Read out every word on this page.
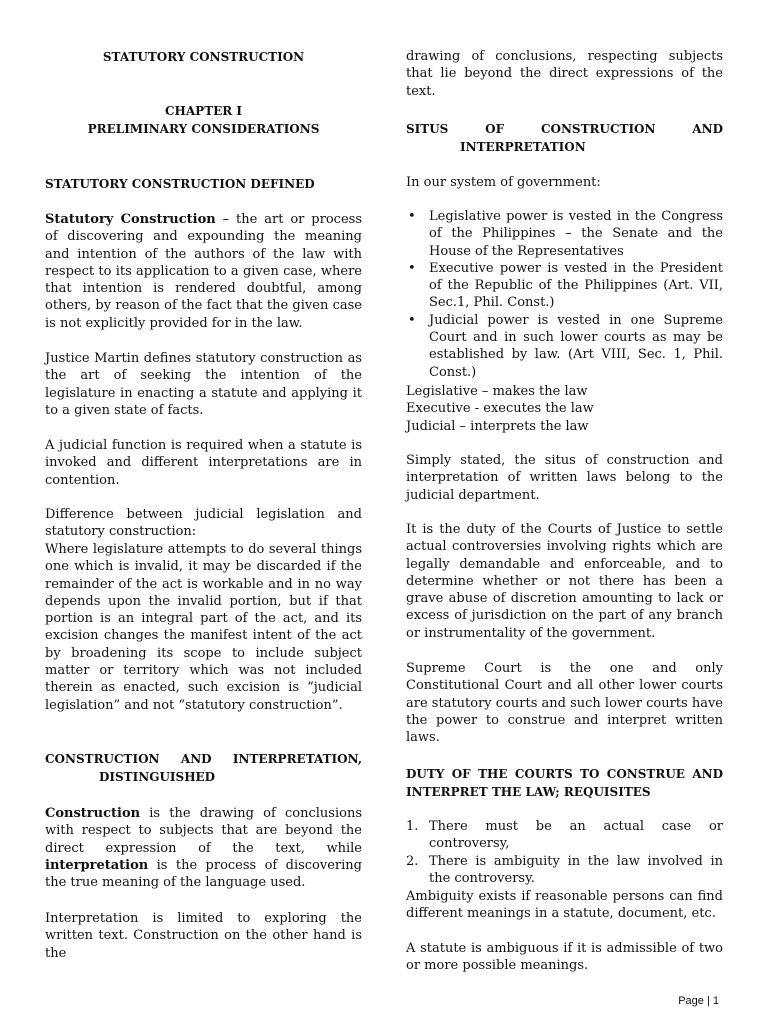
STATUTORY CONSTRUCTION
CHAPTER I
PRELIMINARY CONSIDERATIONS
STATUTORY CONSTRUCTION DEFINED

Statutory Construction – the art or process of discovering and expounding the meaning and intention of the authors of the law with respect to its application to a given case, where that intention is rendered doubtful, among others, by reason of the fact that the given case is not explicitly provided for in the law.

Justice Martin defines statutory construction as the art of seeking the intention of the legislature in enacting a statute and applying it to a given state of facts.

A judicial function is required when a statute is invoked and different interpretations are in contention.

Difference between judicial legislation and statutory construction:

Where legislature attempts to do several things one which is invalid, it may be discarded if the remainder of the act is workable and in no way depends upon the invalid portion, but if that portion is an integral part of the act, and its excision changes the manifest intent of the act by broadening its scope to include subject matter or territory which was not included therein as enacted, such excision is “judicial legislation” and not “statutory construction”.

CONSTRUCTION AND INTERPRETATION,
DISTINGUISHED

Construction is the drawing of conclusions with respect to subjects that are beyond the direct expression of the text, while interpretation is the process of discovering the true meaning of the language used.

Interpretation is limited to exploring the written text. Construction on the other hand is the

drawing of conclusions, respecting subjects that lie beyond the direct expressions of the text.

SITUS OF CONSTRUCTION AND
INTERPRETATION

In our system of government:

• Legislative power is vested in the Congress of the Philippines – the Senate and the House of the Representatives
• Executive power is vested in the President of the Republic of the Philippines (Art. VII, Sec.1, Phil. Const.)
• Judicial power is vested in one Supreme Court and in such lower courts as may be established by law. (Art VIII, Sec. 1, Phil. Const.)
Legislative – makes the law
Executive - executes the law
Judicial – interprets the law

Simply stated, the situs of construction and interpretation of written laws belong to the judicial department.

It is the duty of the Courts of Justice to settle actual controversies involving rights which are legally demandable and enforceable, and to determine whether or not there has been a grave abuse of discretion amounting to lack or excess of jurisdiction on the part of any branch or instrumentality of the government.

Supreme Court is the one and only Constitutional Court and all other lower courts are statutory courts and such lower courts have the power to construe and interpret written laws.

DUTY OF THE COURTS TO CONSTRUE AND INTERPRET THE LAW; REQUISITES

1. There must be an actual case or controversy,
2. There is ambiguity in the law involved in the controversy.

Ambiguity exists if reasonable persons can find different meanings in a statute, document, etc.

A statute is ambiguous if it is admissible of two or more possible meanings.

Page | 1
